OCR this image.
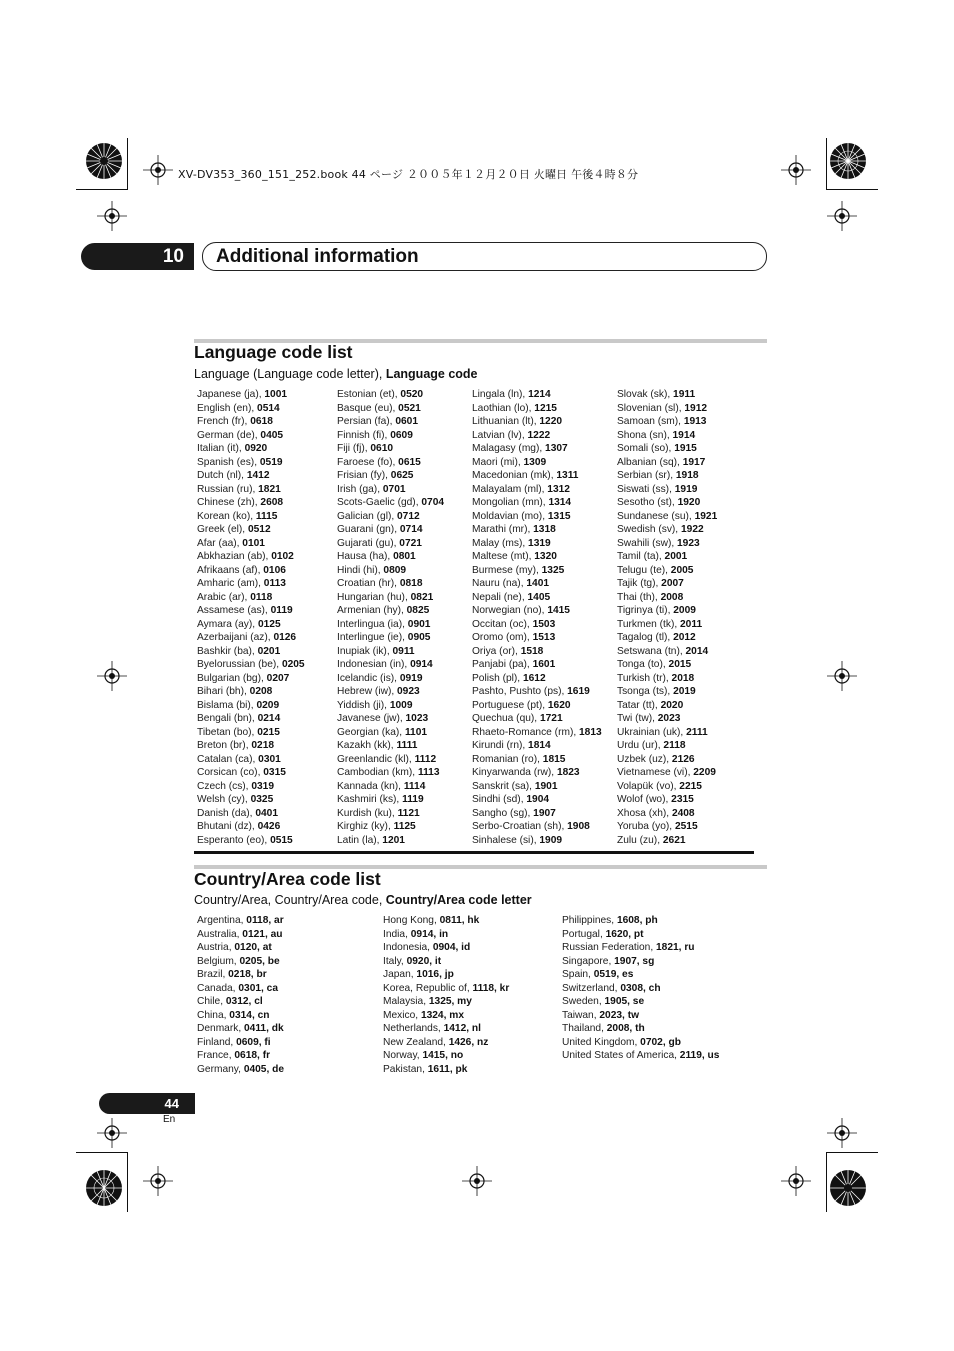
XV-DV353_360_151_252.book 44 ページ ２００５年１２月２０日 火曜日 午後４時８分
10	Additional information
Language code list
Language (Language code letter), Language code
Japanese (ja), 1001
English (en), 0514
French (fr), 0618
German (de), 0405
Italian (it), 0920
Spanish (es), 0519
Dutch (nl), 1412
Russian (ru), 1821
Chinese (zh), 2608
Korean (ko), 1115
Greek (el), 0512
Afar (aa), 0101
Abkhazian (ab), 0102
Afrikaans (af), 0106
Amharic (am), 0113
Arabic (ar), 0118
Assamese (as), 0119
Aymara (ay), 0125
Azerbaijani (az), 0126
Bashkir (ba), 0201
Byelorussian (be), 0205
Bulgarian (bg), 0207
Bihari (bh), 0208
Bislama (bi), 0209
Bengali (bn), 0214
Tibetan (bo), 0215
Breton (br), 0218
Catalan (ca), 0301
Corsican (co), 0315
Czech (cs), 0319
Welsh (cy), 0325
Danish (da), 0401
Bhutani (dz), 0426
Esperanto (eo), 0515
Estonian (et), 0520
Basque (eu), 0521
Persian (fa), 0601
Finnish (fi), 0609
Fiji (fj), 0610
Faroese (fo), 0615
Frisian (fy), 0625
Irish (ga), 0701
Scots-Gaelic (gd), 0704
Galician (gl), 0712
Guarani (gn), 0714
Gujarati (gu), 0721
Hausa (ha), 0801
Hindi (hi), 0809
Croatian (hr), 0818
Hungarian (hu), 0821
Armenian (hy), 0825
Interlingua (ia), 0901
Interlingue (ie), 0905
Inupiak (ik), 0911
Indonesian (in), 0914
Icelandic (is), 0919
Hebrew (iw), 0923
Yiddish (ji), 1009
Javanese (jw), 1023
Georgian (ka), 1101
Kazakh (kk), 1111
Greenlandic (kl), 1112
Cambodian (km), 1113
Kannada (kn), 1114
Kashmiri (ks), 1119
Kurdish (ku), 1121
Kirghiz (ky), 1125
Latin (la), 1201
Lingala (ln), 1214
Laothian (lo), 1215
Lithuanian (lt), 1220
Latvian (lv), 1222
Malagasy (mg), 1307
Maori (mi), 1309
Macedonian (mk), 1311
Malayalam (ml), 1312
Mongolian (mn), 1314
Moldavian (mo), 1315
Marathi (mr), 1318
Malay (ms), 1319
Maltese (mt), 1320
Burmese (my), 1325
Nauru (na), 1401
Nepali (ne), 1405
Norwegian (no), 1415
Occitan (oc), 1503
Oromo (om), 1513
Oriya (or), 1518
Panjabi (pa), 1601
Polish (pl), 1612
Pashto, Pushto (ps), 1619
Portuguese (pt), 1620
Quechua (qu), 1721
Rhaeto-Romance (rm), 1813
Kirundi (rn), 1814
Romanian (ro), 1815
Kinyarwanda (rw), 1823
Sanskrit (sa), 1901
Sindhi (sd), 1904
Sangho (sg), 1907
Serbo-Croatian (sh), 1908
Sinhalese (si), 1909
Slovak (sk), 1911
Slovenian (sl), 1912
Samoan (sm), 1913
Shona (sn), 1914
Somali (so), 1915
Albanian (sq), 1917
Serbian (sr), 1918
Siswati (ss), 1919
Sesotho (st), 1920
Sundanese (su), 1921
Swedish (sv), 1922
Swahili (sw), 1923
Tamil (ta), 2001
Telugu (te), 2005
Tajik (tg), 2007
Thai (th), 2008
Tigrinya (ti), 2009
Turkmen (tk), 2011
Tagalog (tl), 2012
Setswana (tn), 2014
Tonga (to), 2015
Turkish (tr), 2018
Tsonga (ts), 2019
Tatar (tt), 2020
Twi (tw), 2023
Ukrainian (uk), 2111
Urdu (ur), 2118
Uzbek (uz), 2126
Vietnamese (vi), 2209
Volapük (vo), 2215
Wolof (wo), 2315
Xhosa (xh), 2408
Yoruba (yo), 2515
Zulu (zu), 2621
Country/Area code list
Country/Area, Country/Area code, Country/Area code letter
Argentina, 0118, ar
Australia, 0121, au
Austria, 0120, at
Belgium, 0205, be
Brazil, 0218, br
Canada, 0301, ca
Chile, 0312, cl
China, 0314, cn
Denmark, 0411, dk
Finland, 0609, fi
France, 0618, fr
Germany, 0405, de
Hong Kong, 0811, hk
India, 0914, in
Indonesia, 0904, id
Italy, 0920, it
Japan, 1016, jp
Korea, Republic of, 1118, kr
Malaysia, 1325, my
Mexico, 1324, mx
Netherlands, 1412, nl
New Zealand, 1426, nz
Norway, 1415, no
Pakistan, 1611, pk
Philippines, 1608, ph
Portugal, 1620, pt
Russian Federation, 1821, ru
Singapore, 1907, sg
Spain, 0519, es
Switzerland, 0308, ch
Sweden, 1905, se
Taiwan, 2023, tw
Thailand, 2008, th
United Kingdom, 0702, gb
United States of America, 2119, us
44
En
